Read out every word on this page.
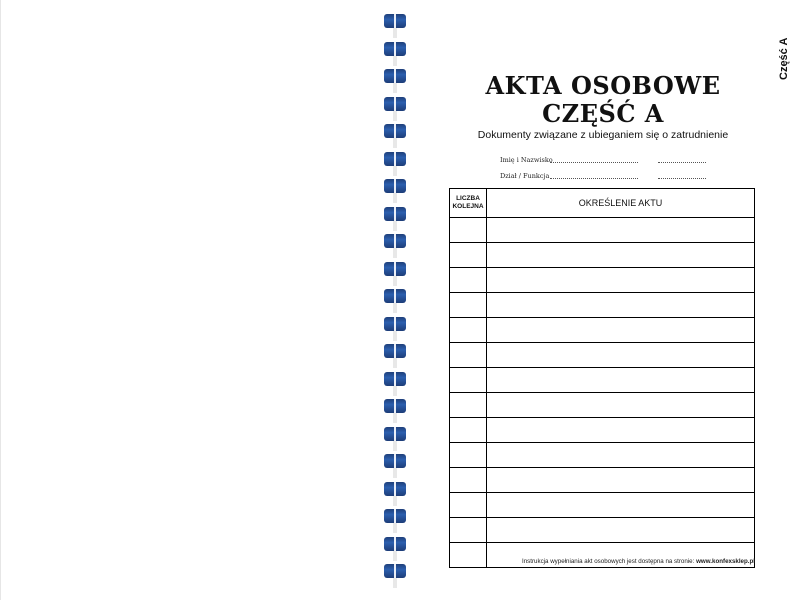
AKTA OSOBOWE
CZĘŚĆ A
Dokumenty związane z ubieganiem się o zatrudnienie
Imię i Nazwisko
Dział / Funkcja
Część A
LICZBA
KOLEJNA	OKREŚLENIE AKTU

Instrukcja wypełniania akt osobowych jest dostępna na stronie: www.konfexsklep.pl
